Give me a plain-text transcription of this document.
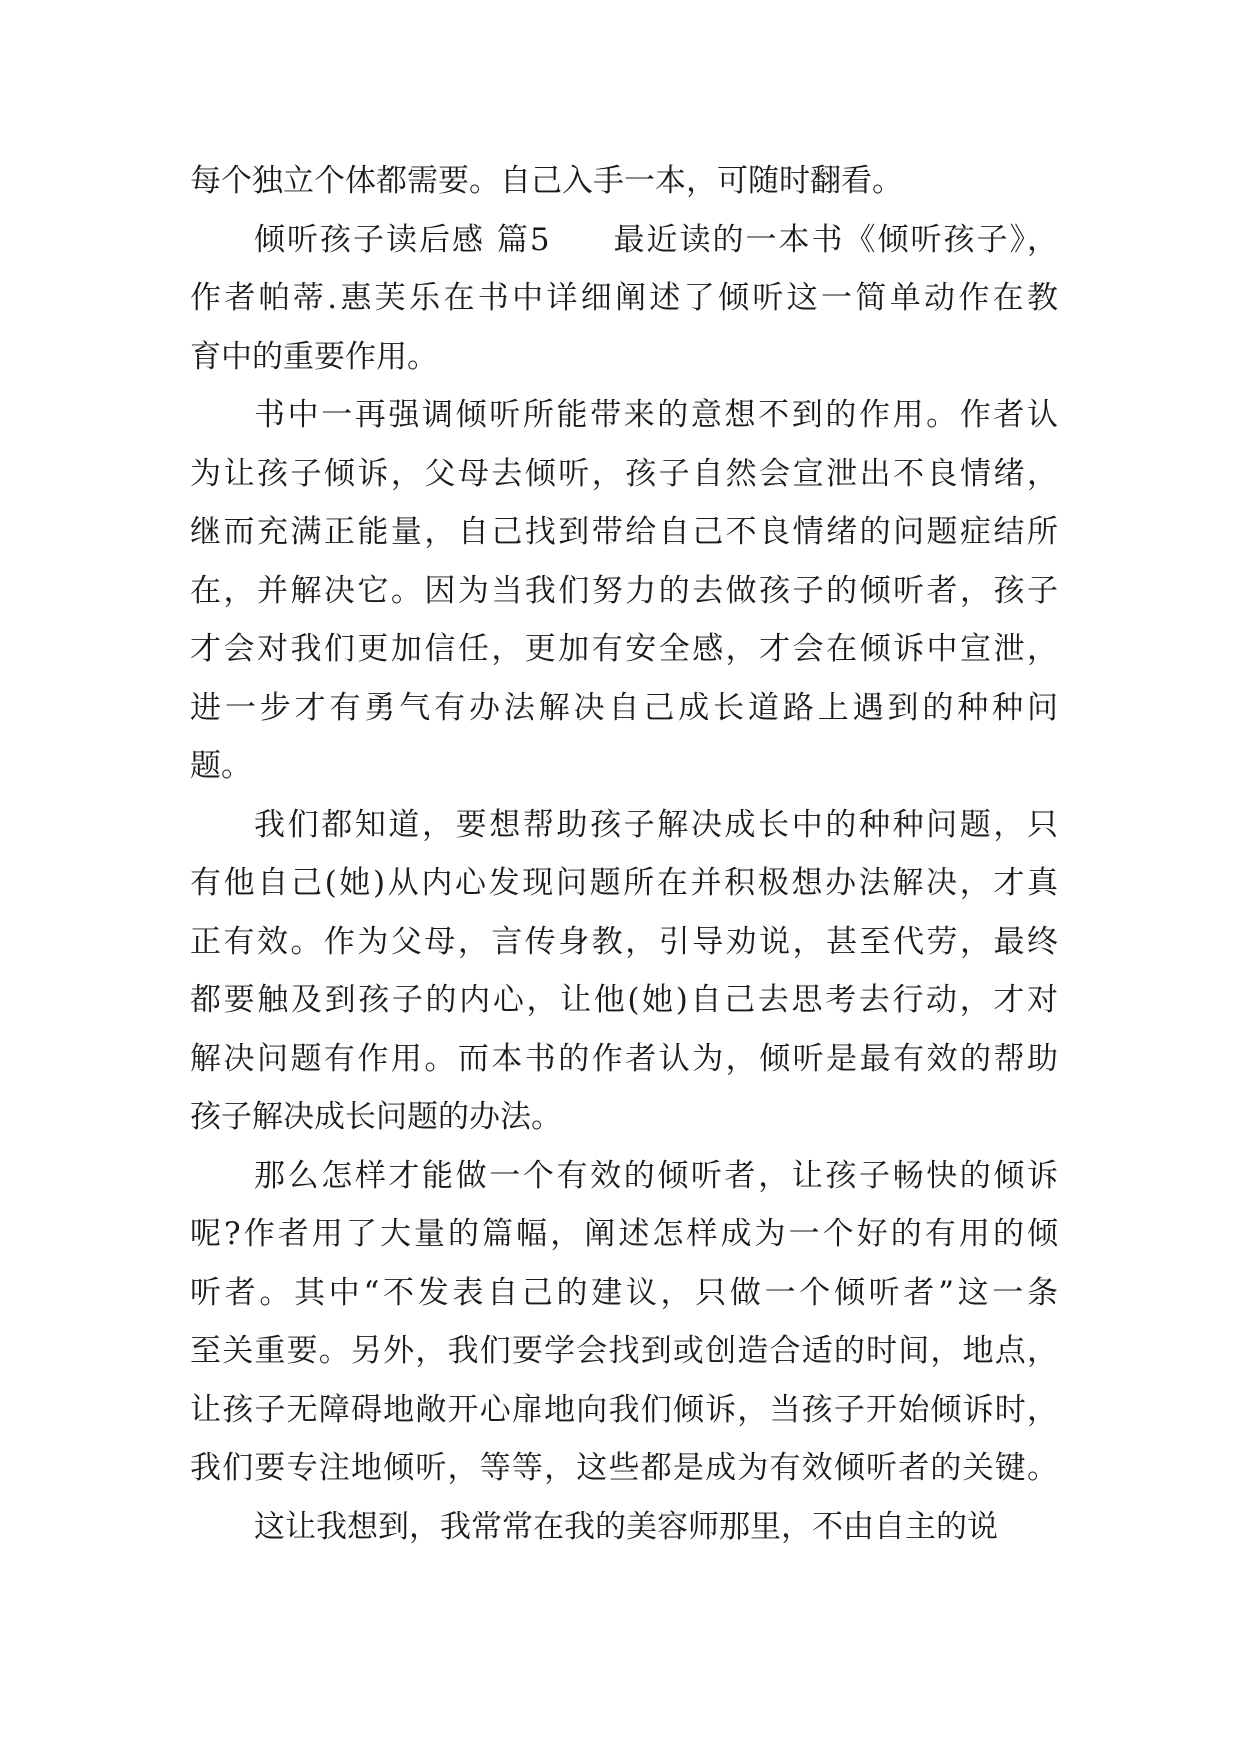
每个独立个体都需要。自己入手一本，可随时翻看。
倾听孩子读后感 篇5 最近读的一本书《倾听孩子》，
作者帕蒂.惠芙乐在书中详细阐述了倾听这一简单动作在教
育中的重要作用。
书中一再强调倾听所能带来的意想不到的作用。作者认
为让孩子倾诉，父母去倾听，孩子自然会宣泄出不良情绪，
继而充满正能量，自己找到带给自己不良情绪的问题症结所
在，并解决它。因为当我们努力的去做孩子的倾听者，孩子
才会对我们更加信任，更加有安全感，才会在倾诉中宣泄，
进一步才有勇气有办法解决自己成长道路上遇到的种种问
题。
我们都知道，要想帮助孩子解决成长中的种种问题，只
有他自己(她)从内心发现问题所在并积极想办法解决，才真
正有效。作为父母，言传身教，引导劝说，甚至代劳，最终
都要触及到孩子的内心，让他(她)自己去思考去行动，才对
解决问题有作用。而本书的作者认为，倾听是最有效的帮助
孩子解决成长问题的办法。
那么怎样才能做一个有效的倾听者，让孩子畅快的倾诉
呢?作者用了大量的篇幅，阐述怎样成为一个好的有用的倾
听者。其中“不发表自己的建议，只做一个倾听者”这一条
至关重要。另外，我们要学会找到或创造合适的时间，地点，
让孩子无障碍地敞开心扉地向我们倾诉，当孩子开始倾诉时，
我们要专注地倾听，等等，这些都是成为有效倾听者的关键。
这让我想到，我常常在我的美容师那里，不由自主的说
